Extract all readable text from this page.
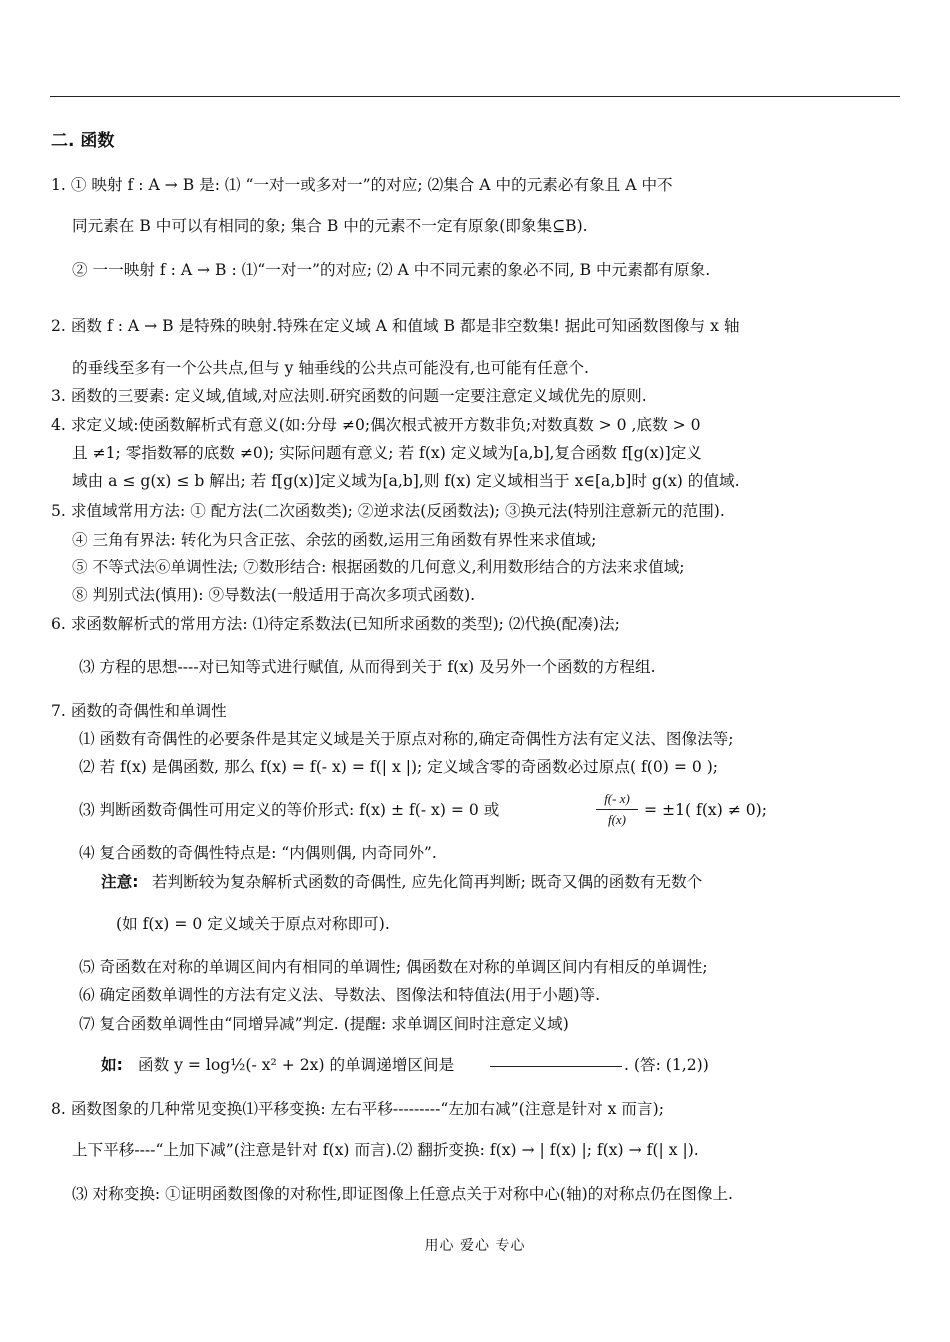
二. 函数
1. ① 映射 f : A → B 是: ⑴ “一对一或多对一”的对应; ⑵集合 A 中的元素必有象且 A 中不
同元素在 B 中可以有相同的象; 集合 B 中的元素不一定有原象(即象集⊆B).
② 一一映射 f : A → B : ⑴“一对一”的对应; ⑵ A 中不同元素的象必不同, B 中元素都有原象.
2. 函数 f : A → B 是特殊的映射.特殊在定义域 A 和值域 B 都是非空数集! 据此可知函数图像与 x 轴
的垂线至多有一个公共点,但与 y 轴垂线的公共点可能没有,也可能有任意个.
3. 函数的三要素: 定义域,值域,对应法则.研究函数的问题一定要注意定义域优先的原则.
4. 求定义域:使函数解析式有意义(如:分母 ≠0;偶次根式被开方数非负;对数真数 > 0 ,底数 > 0
且 ≠1; 零指数幂的底数 ≠0); 实际问题有意义; 若 f(x) 定义域为[a,b],复合函数 f[g(x)]定义
域由 a ≤ g(x) ≤ b 解出; 若 f[g(x)]定义域为[a,b],则 f(x) 定义域相当于 x∈[a,b]时 g(x) 的值域.
5. 求值域常用方法: ① 配方法(二次函数类); ②逆求法(反函数法); ③换元法(特别注意新元的范围).
④ 三角有界法: 转化为只含正弦、余弦的函数,运用三角函数有界性来求值域;
⑤ 不等式法⑥单调性法; ⑦数形结合: 根据函数的几何意义,利用数形结合的方法来求值域;
⑧ 判别式法(慎用): ⑨导数法(一般适用于高次多项式函数).
6. 求函数解析式的常用方法: ⑴待定系数法(已知所求函数的类型); ⑵代换(配凑)法;
⑶ 方程的思想----对已知等式进行赋值, 从而得到关于 f(x) 及另外一个函数的方程组.
7. 函数的奇偶性和单调性
⑴ 函数有奇偶性的必要条件是其定义域是关于原点对称的,确定奇偶性方法有定义法、图像法等;
⑵ 若 f(x) 是偶函数, 那么 f(x) = f(- x) = f(| x |); 定义域含零的奇函数必过原点( f(0) = 0 );
⑶ 判断函数奇偶性可用定义的等价形式: f(x) ± f(- x) = 0 或	$\frac{f(- x)}{f(x)} = \pm 1$( f(x) ≠ 0);
⑷ 复合函数的奇偶性特点是: “内偶则偶, 内奇同外”.
注意: 若判断较为复杂解析式函数的奇偶性, 应先化简再判断; 既奇又偶的函数有无数个
(如 f(x) = 0 定义域关于原点对称即可).
⑸ 奇函数在对称的单调区间内有相同的单调性; 偶函数在对称的单调区间内有相反的单调性;
⑹ 确定函数单调性的方法有定义法、导数法、图像法和特值法(用于小题)等.
⑺ 复合函数单调性由“同增异减”判定. (提醒: 求单调区间时注意定义域)
如: 函数 y = log½(- x² + 2x) 的单调递增区间是	. (答: (1,2))
8. 函数图象的几种常见变换⑴平移变换: 左右平移---------“左加右减”(注意是针对 x 而言);
上下平移----“上加下减”(注意是针对 f(x) 而言).⑵ 翻折变换: f(x) → | f(x) |; f(x) → f(| x |).
⑶ 对称变换: ①证明函数图像的对称性,即证图像上任意点关于对称中心(轴)的对称点仍在图像上.
用心 爱心 专心
